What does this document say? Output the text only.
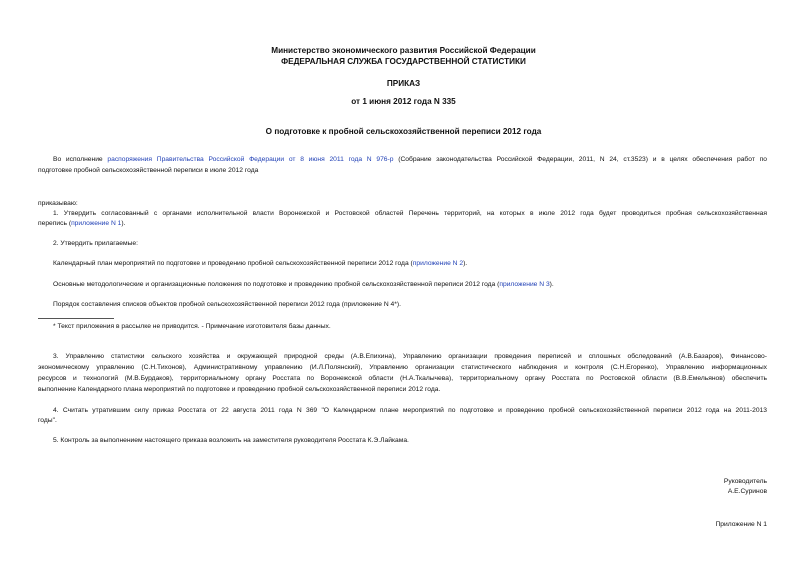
Министерство экономического развития Российской Федерации
ФЕДЕРАЛЬНАЯ СЛУЖБА ГОСУДАРСТВЕННОЙ СТАТИСТИКИ
ПРИКАЗ
от 1 июня 2012 года N 335
О подготовке к пробной сельскохозяйственной переписи 2012 года
Во исполнение распоряжения Правительства Российской Федерации от 8 июня 2011 года N 976-р (Собрание законодательства Российской Федерации, 2011, N 24, ст.3523) и в целях обеспечения работ по
подготовке пробной сельскохозяйственной переписи в июле 2012 года
приказываю:
1. Утвердить согласованный с органами исполнительной власти Воронежской и Ростовской областей Перечень территорий, на которых в июле 2012 года будет проводиться пробная сельскохозяйственная
перепись (приложение N 1).
2. Утвердить прилагаемые:
Календарный план мероприятий по подготовке и проведению пробной сельскохозяйственной переписи 2012 года (приложение N 2).
Основные методологические и организационные положения по подготовке и проведению пробной сельскохозяйственной переписи 2012 года (приложение N 3).
Порядок составления списков объектов пробной сельскохозяйственной переписи 2012 года (приложение N 4*).
* Текст приложения в рассылке не приводится. - Примечание изготовителя базы данных.
3. Управлению статистики сельского хозяйства и окружающей природной среды (А.В.Епихина), Управлению организации проведения переписей и сплошных обследований (А.В.Базаров), Финансово-
экономическому управлению (С.Н.Тихонов), Административному управлению (И.Л.Полянский), Управлению организации статистического наблюдения и контроля (С.Н.Егоренко), Управлению информационных
ресурсов и технологий (М.В.Бурдаков), территориальному органу Росстата по Воронежской области (Н.А.Ткалычева), территориальному органу Росстата по Ростовской области (В.В.Емельянов) обеспечить
выполнение Календарного плана мероприятий по подготовке и проведению пробной сельскохозяйственной переписи 2012 года.
4. Считать утратившим силу приказ Росстата от 22 августа 2011 года N 369 "О Календарном плане мероприятий по подготовке и проведению пробной сельскохозяйственной переписи 2012 года на 2011-2013
годы".
5. Контроль за выполнением настоящего приказа возложить на заместителя руководителя Росстата К.Э.Лайкама.
Руководитель
А.Е.Суринов
Приложение N 1
